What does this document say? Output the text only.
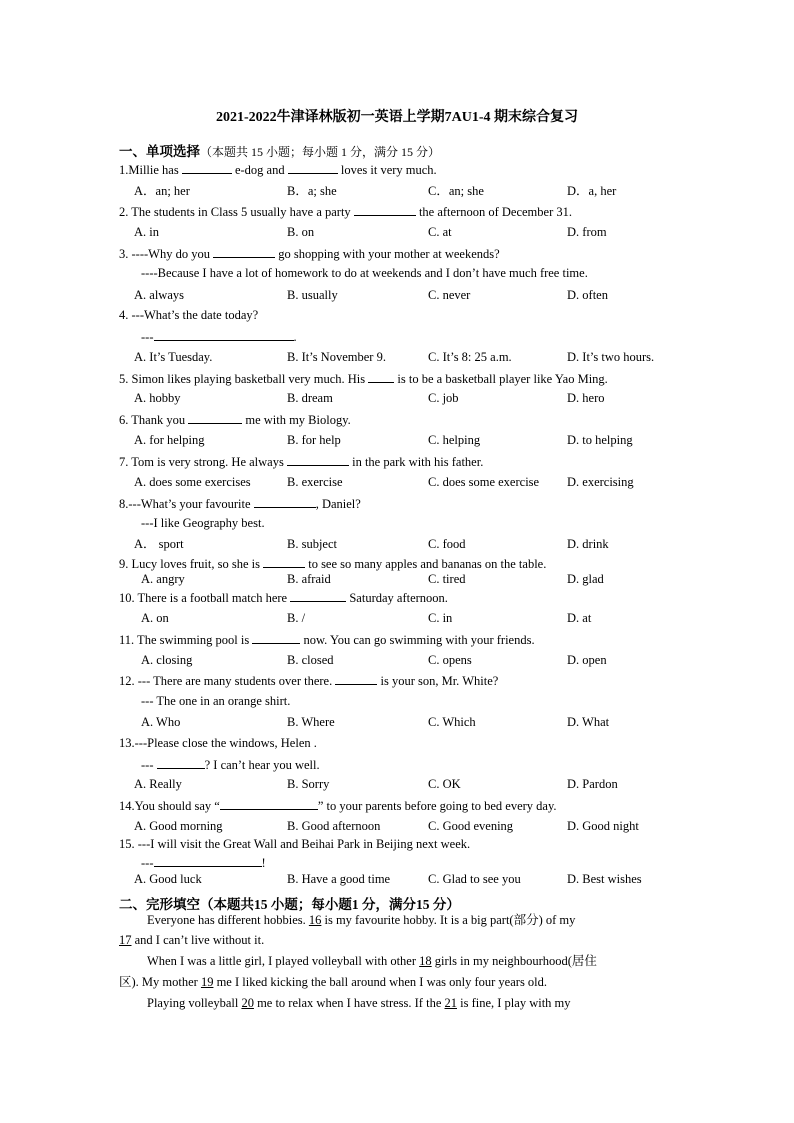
2021-2022牛津译林版初一英语上学期7AU1-4 期末综合复习
一、单项选择（本题共 15 小题；每小题 1 分，满分 15 分）
1.Millie has	e-dog and	loves it very much.
A．an; her	B．a; she	C．an; she	D．a, her
2. The students in Class 5 usually have a party	the afternoon of December 31.
A. in	B. on	C. at	D. from
3. ----Why do you	go shopping with your mother at weekends?
----Because I have a lot of homework to do at weekends and I don’t have much free time.
A. always	B. usually	C. never	D. often
4. ---What’s the date today?
---	.
A. It’s Tuesday.	B. It’s November 9.	C. It’s 8: 25 a.m.	D. It’s two hours.
5. Simon likes playing basketball very much. His  is to be a basketball player like Yao Ming.
A. hobby	B. dream	C. job	D. hero
6. Thank you	me with my Biology.
A. for helping	B. for help	C. helping	D. to helping
7. Tom is very strong. He always	in the park with his father.
A. does some exercises	B. exercise	C. does some exercise D. exercising
8.---What’s your favourite	, Daniel?
---I like Geography best.
A． sport	B. subject	C. food	D. drink
9. Lucy loves fruit, so she is	to see so many apples and bananas on the table.
A. angry	B. afraid	C. tired	D. glad
10. There is a football match here	Saturday afternoon.
A. on	B. /	C. in	D. at
11. The swimming pool is	now. You can go swimming with your friends.
A. closing	B. closed	C. opens	D. open
12. --- There are many students over there.	is your son, Mr. White?
--- The one in an orange shirt.
A. Who	B. Where	C. Which	D. What
13.---Please close the windows, Helen .
---	? I can’t hear you well.
A. Really	B. Sorry	C. OK	D. Pardon
14.You should say “	” to your parents before going to bed every day.
A. Good morning	B. Good afternoon	C. Good evening	D. Good night
15. ---I will visit the Great Wall and Beihai Park in Beijing next week.
---	!
A. Good luck	B. Have a good time	C. Glad to see you	D. Best wishes
二、完形填空（本题共15 小题；每小题1 分，满分15 分）
Everyone has different hobbies. 16 is my favourite hobby. It is a big part(部分) of my
17 and I can’t live without it.
When I was a little girl, I played volleyball with other 18 girls in my neighbourhood(居住
区). My mother 19 me I liked kicking the ball around when I was only four years old.
Playing volleyball 20 me to relax when I have stress. If the 21 is fine, I play with my
